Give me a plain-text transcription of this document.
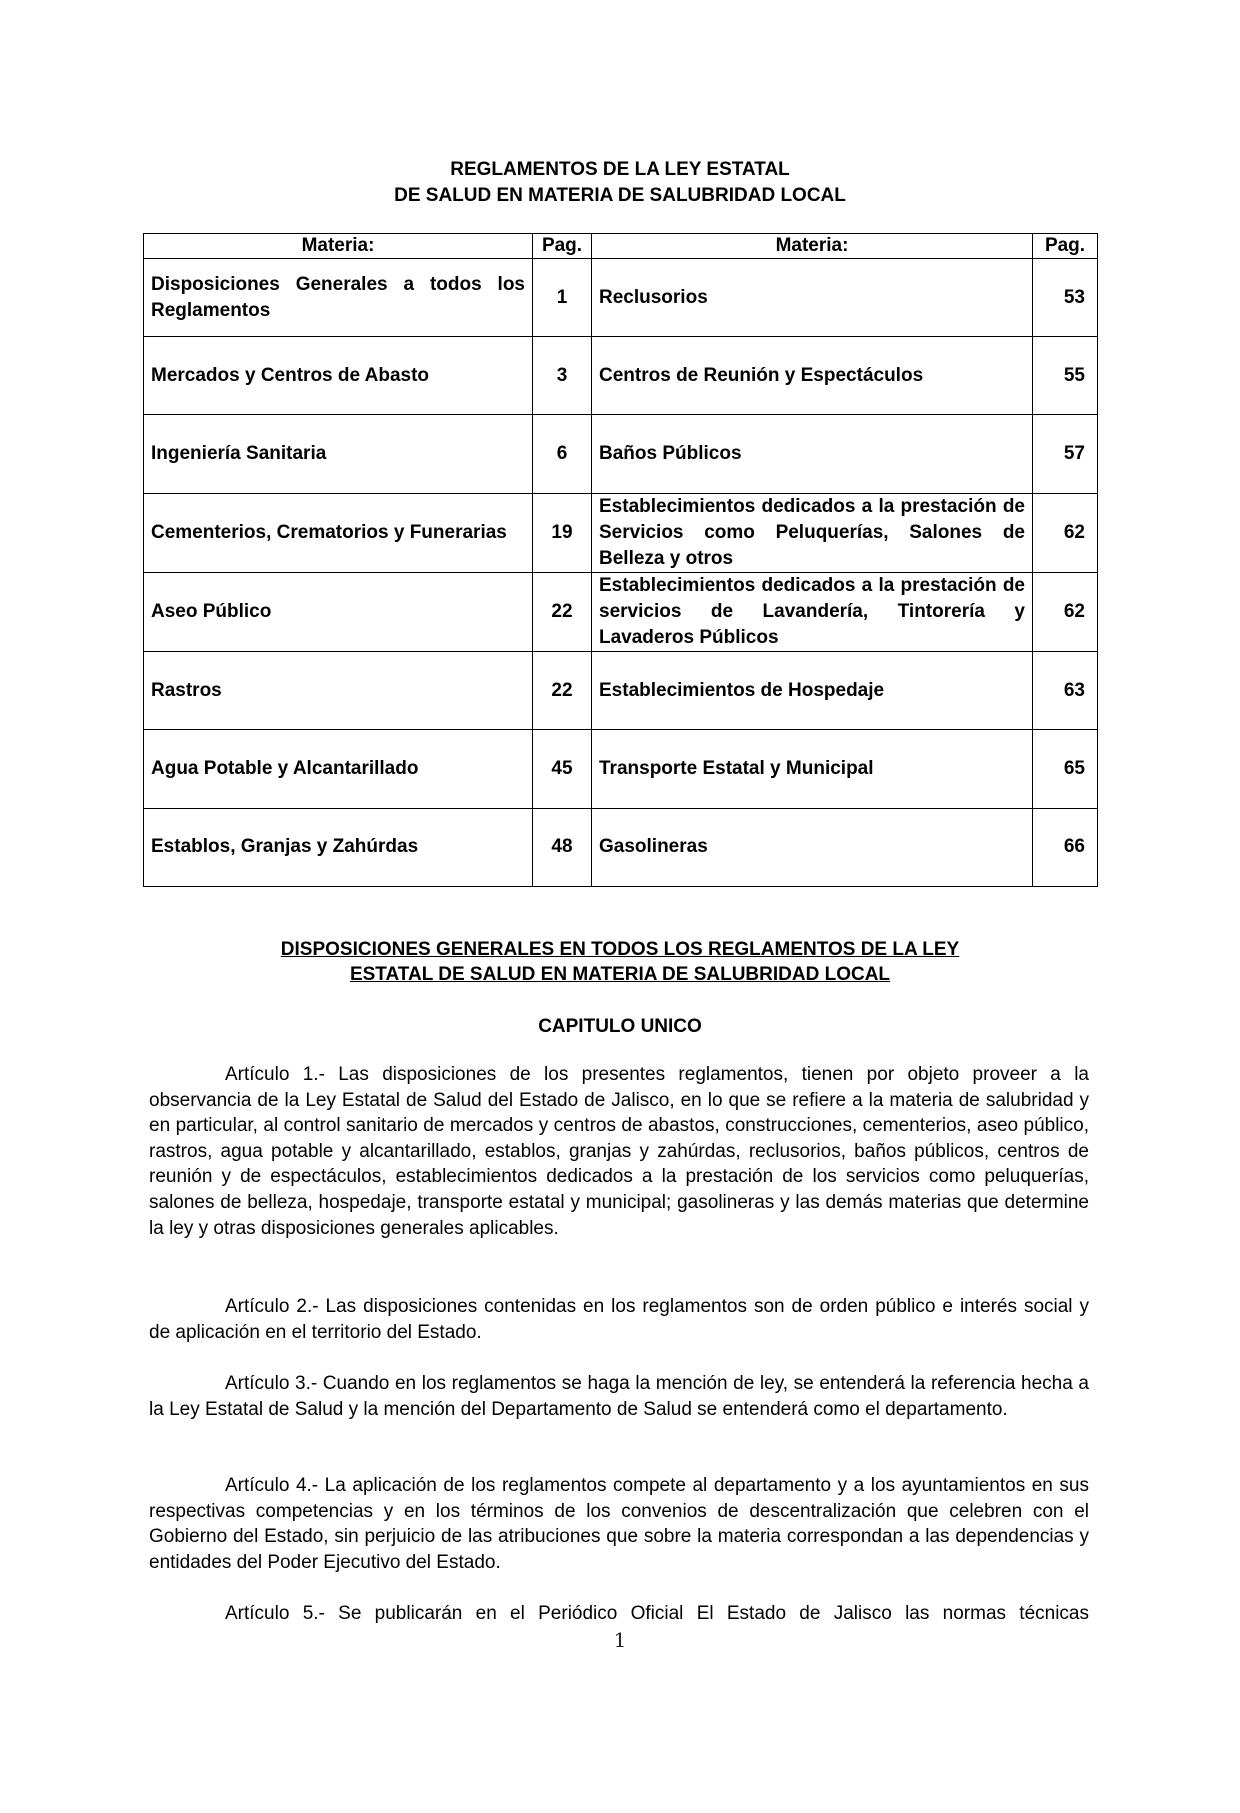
REGLAMENTOS DE LA LEY ESTATAL
DE SALUD EN MATERIA DE SALUBRIDAD LOCAL
Materia:	Pag.	Materia:	Pag.
Disposiciones Generales a todos los Reglamentos	1	Reclusorios	53
Mercados y Centros de Abasto	3	Centros de Reunión y Espectáculos	55
Ingeniería Sanitaria	6	Baños Públicos	57
Cementerios, Crematorios y Funerarias	19	Establecimientos dedicados a la prestación de Servicios como Peluquerías, Salones de Belleza y otros	62
Aseo Público	22	Establecimientos dedicados a la prestación de servicios de Lavandería, Tintorería y Lavaderos Públicos	62
Rastros	22	Establecimientos de Hospedaje	63
Agua Potable y Alcantarillado	45	Transporte Estatal y Municipal	65
Establos, Granjas y Zahúrdas	48	Gasolineras	66
DISPOSICIONES GENERALES EN TODOS LOS REGLAMENTOS DE LA LEY
ESTATAL DE SALUD EN MATERIA DE SALUBRIDAD LOCAL
CAPITULO UNICO

Artículo 1.- Las disposiciones de los presentes reglamentos, tienen por objeto proveer a la observancia de la Ley Estatal de Salud del Estado de Jalisco, en lo que se refiere a la materia de salubridad y en particular, al control sanitario de mercados y centros de abastos, construcciones, cementerios, aseo público, rastros, agua potable y alcantarillado, establos, granjas y zahúrdas, reclusorios, baños públicos, centros de reunión y de espectáculos, establecimientos dedicados a la prestación de los servicios como peluquerías, salones de belleza, hospedaje, transporte estatal y municipal; gasolineras y las demás materias que determine la ley y otras disposiciones generales aplicables.

Artículo 2.- Las disposiciones contenidas en los reglamentos son de orden público e interés social y de aplicación en el territorio del Estado.

Artículo 3.- Cuando en los reglamentos se haga la mención de ley, se entenderá la referencia hecha a la Ley Estatal de Salud y la mención del Departamento de Salud se entenderá como el departamento.

Artículo 4.- La aplicación de los reglamentos compete al departamento y a los ayuntamientos en sus respectivas competencias y en los términos de los convenios de descentralización que celebren con el Gobierno del Estado, sin perjuicio de las atribuciones que sobre la materia correspondan a las dependencias y entidades del Poder Ejecutivo del Estado.

Artículo 5.- Se publicarán en el Periódico Oficial El Estado de Jalisco las normas técnicas

1
